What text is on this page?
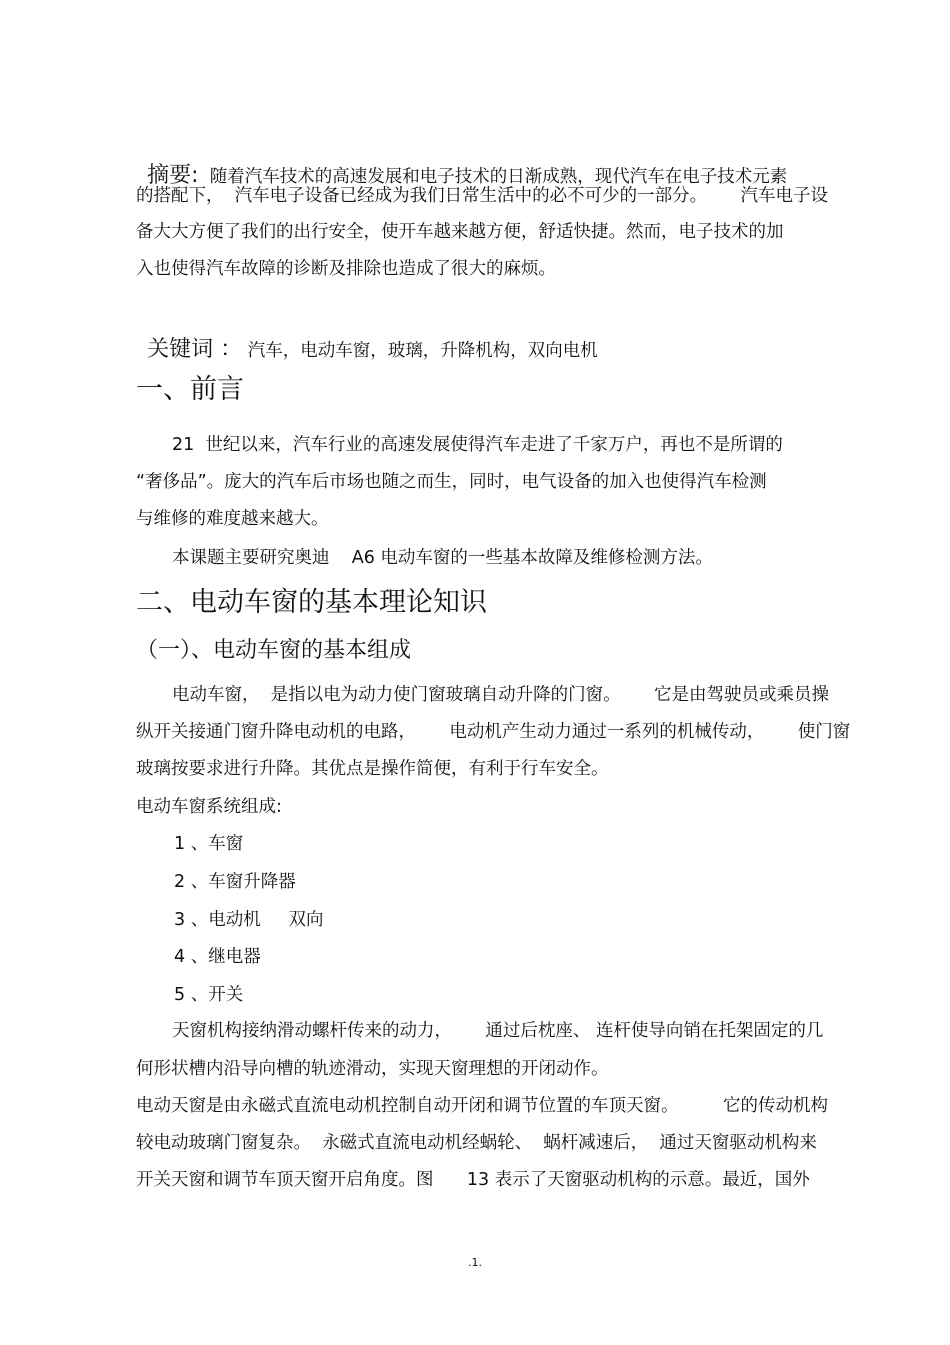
摘要: 随着汽车技术的高速发展和电子技术的日渐成熟，现代汽车在电子技术元素

的搭配下，  汽车电子设备已经成为我们日常生活中的必不可少的一部分。      汽车电子设
备大大方便了我们的出行安全，使开车越来越方便，舒适快捷。然而，电子技术的加
入也使得汽车故障的诊断及排除也造成了很大的麻烦。

关键词 ： 汽车，电动车窗，玻璃，升降机构，双向电机

一、前言
21  世纪以来，汽车行业的高速发展使得汽车走进了千家万户，再也不是所谓的
“奢侈品”。庞大的汽车后市场也随之而生，同时，电气设备的加入也使得汽车检测
与维修的难度越来越大。
本课题主要研究奥迪    A6 电动车窗的一些基本故障及维修检测方法。
二、电动车窗的基本理论知识
（一）、电动车窗的基本组成
电动车窗，  是指以电为动力使门窗玻璃自动升降的门窗。      它是由驾驶员或乘员操
纵开关接通门窗升降电动机的电路，      电动机产生动力通过一系列的机械传动，      使门窗
玻璃按要求进行升降。其优点是操作简便，有利于行车安全。
电动车窗系统组成:
1 、车窗
2 、车窗升降器
3 、电动机     双向
4 、继电器
5 、开关
天窗机构接纳滑动螺杆传来的动力，      通过后枕座、 连杆使导向销在托架固定的几
何形状槽内沿导向槽的轨迹滑动，实现天窗理想的开闭动作。
电动天窗是由永磁式直流电动机控制自动开闭和调节位置的车顶天窗。        它的传动机构
较电动玻璃门窗复杂。  永磁式直流电动机经蜗轮、  蜗杆减速后，  通过天窗驱动机构来
开关天窗和调节车顶天窗开启角度。图      13 表示了天窗驱动机构的示意。最近，国外
.1.
